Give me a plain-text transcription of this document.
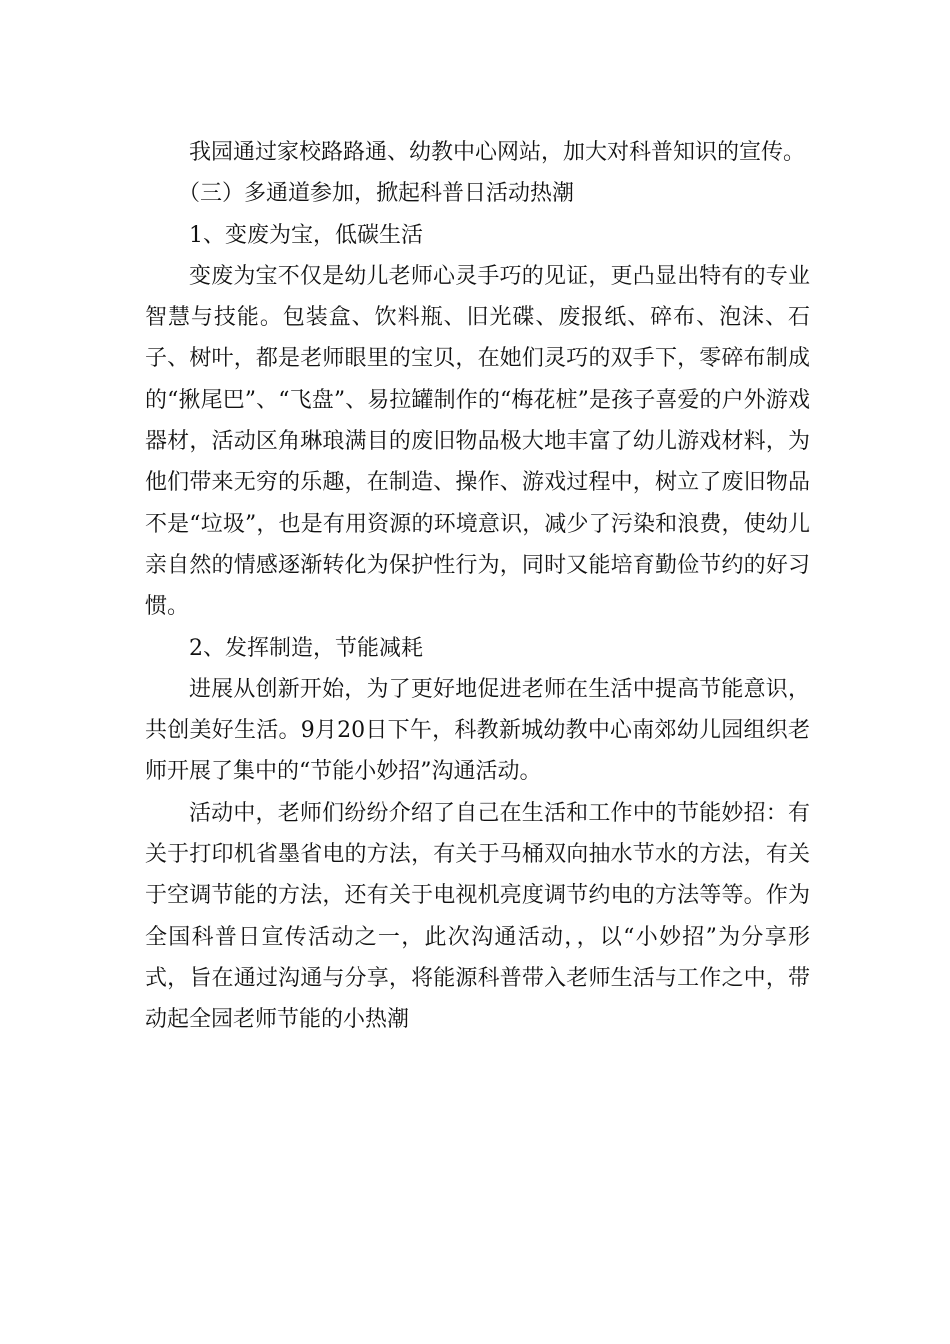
我园通过家校路路通、幼教中心网站，加大对科普知识的宣传。

（三）多通道参加，掀起科普日活动热潮

1、变废为宝，低碳生活

变废为宝不仅是幼儿老师心灵手巧的见证，更凸显出特有的专业智慧与技能。包装盒、饮料瓶、旧光碟、废报纸、碎布、泡沫、石子、树叶，都是老师眼里的宝贝，在她们灵巧的双手下，零碎布制成的“揪尾巴”、“飞盘”、易拉罐制作的“梅花桩”是孩子喜爱的户外游戏器材，活动区角琳琅满目的废旧物品极大地丰富了幼儿游戏材料，为他们带来无穷的乐趣，在制造、操作、游戏过程中，树立了废旧物品不是“垃圾”，也是有用资源的环境意识，减少了污染和浪费，使幼儿亲自然的情感逐渐转化为保护性行为，同时又能培育勤俭节约的好习惯。

2、发挥制造，节能减耗

进展从创新开始，为了更好地促进老师在生活中提高节能意识，共创美好生活。9月20日下午，科教新城幼教中心南郊幼儿园组织老师开展了集中的“节能小妙招”沟通活动。

活动中，老师们纷纷介绍了自己在生活和工作中的节能妙招：有关于打印机省墨省电的方法，有关于马桶双向抽水节水的方法，有关于空调节能的方法，还有关于电视机亮度调节约电的方法等等。作为全国科普日宣传活动之一，此次沟通活动，，以“小妙招”为分享形式，旨在通过沟通与分享，将能源科普带入老师生活与工作之中，带动起全园老师节能的小热潮
